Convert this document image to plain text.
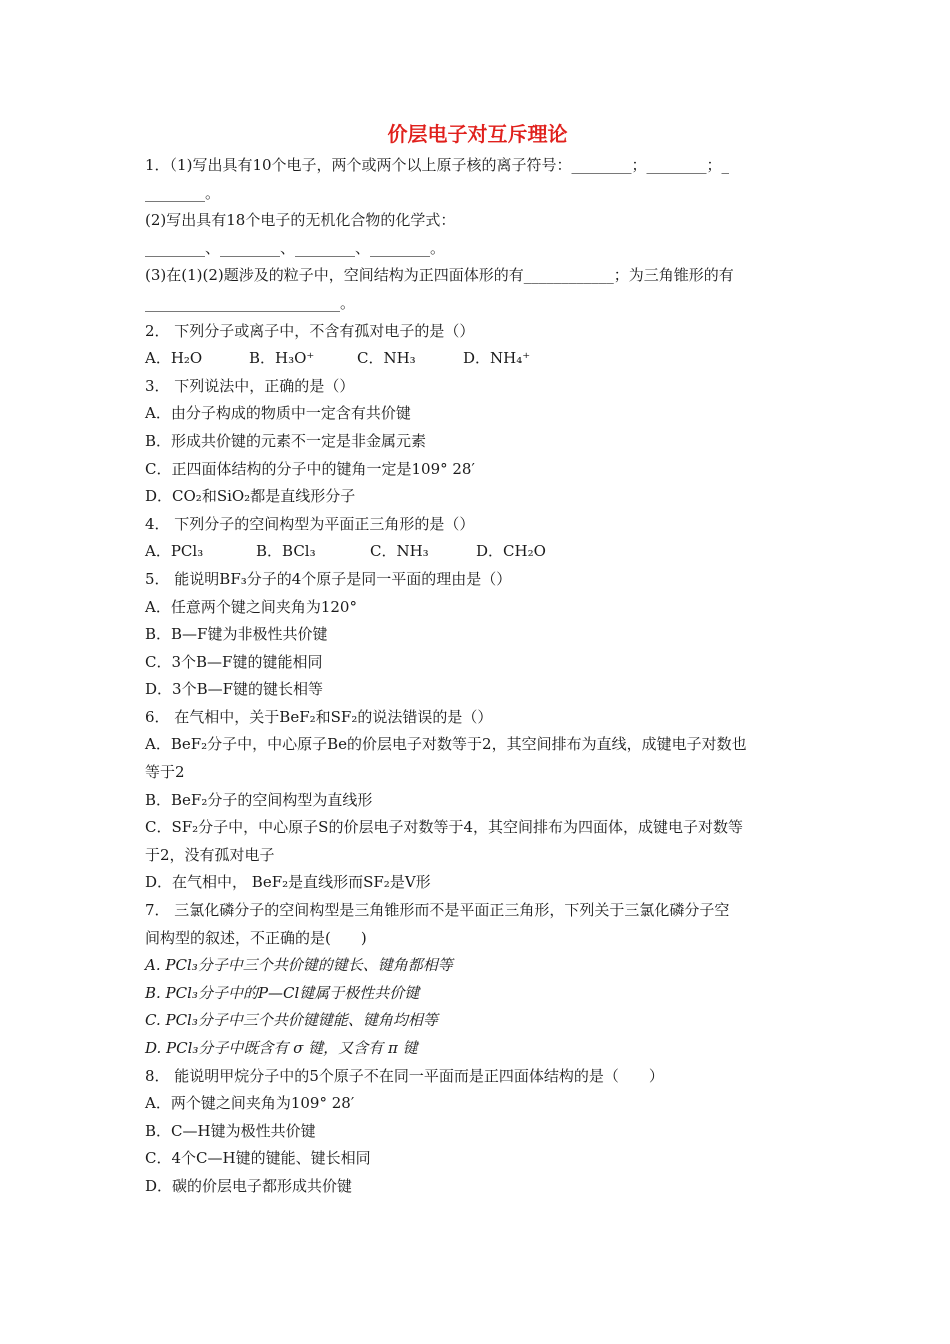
价层电子对互斥理论
1．（1)写出具有10个电子，两个或两个以上原子核的离子符号：________；________；_
________。
(2)写出具有18个电子的无机化合物的化学式：
________、________、________、________。
(3)在(1)(2)题涉及的粒子中，空间结构为正四面体形的有____________；为三角锥形的有
__________________________。
2． 下列分子或离子中，不含有孤对电子的是（）
A．H₂O	B．H₃O⁺	C．NH₃	D．NH₄⁺
3． 下列说法中，正确的是（）
A．由分子构成的物质中一定含有共价键
B．形成共价键的元素不一定是非金属元素
C．正四面体结构的分子中的键角一定是109° 28′
D．CO₂和SiO₂都是直线形分子
4． 下列分子的空间构型为平面正三角形的是（）
A．PCl₃	B．BCl₃	C．NH₃	D．CH₂O
5． 能说明BF₃分子的4个原子是同一平面的理由是（）
A．任意两个键之间夹角为120°
B．B—F键为非极性共价键
C．3个B—F键的键能相同
D．3个B—F键的键长相等
6． 在气相中，关于BeF₂和SF₂的说法错误的是（）
A．BeF₂分子中，中心原子Be的价层电子对数等于2，其空间排布为直线，成键电子对数也
等于2
B．BeF₂分子的空间构型为直线形
C．SF₂分子中，中心原子S的价层电子对数等于4，其空间排布为四面体，成键电子对数等
于2，没有孤对电子
D．在气相中， BeF₂是直线形而SF₂是V形
7． 三氯化磷分子的空间构型是三角锥形而不是平面正三角形，下列关于三氯化磷分子空
间构型的叙述，不正确的是(　　)
A. PCl₃分子中三个共价键的键长、键角都相等
B. PCl₃分子中的P—Cl键属于极性共价键
C. PCl₃分子中三个共价键键能、键角均相等
D. PCl₃分子中既含有 σ 键，又含有 π 键
8． 能说明甲烷分子中的5个原子不在同一平面而是正四面体结构的是（　　）
A．两个键之间夹角为109° 28′
B．C—H键为极性共价键
C．4个C—H键的键能、键长相同
D．碳的价层电子都形成共价键
